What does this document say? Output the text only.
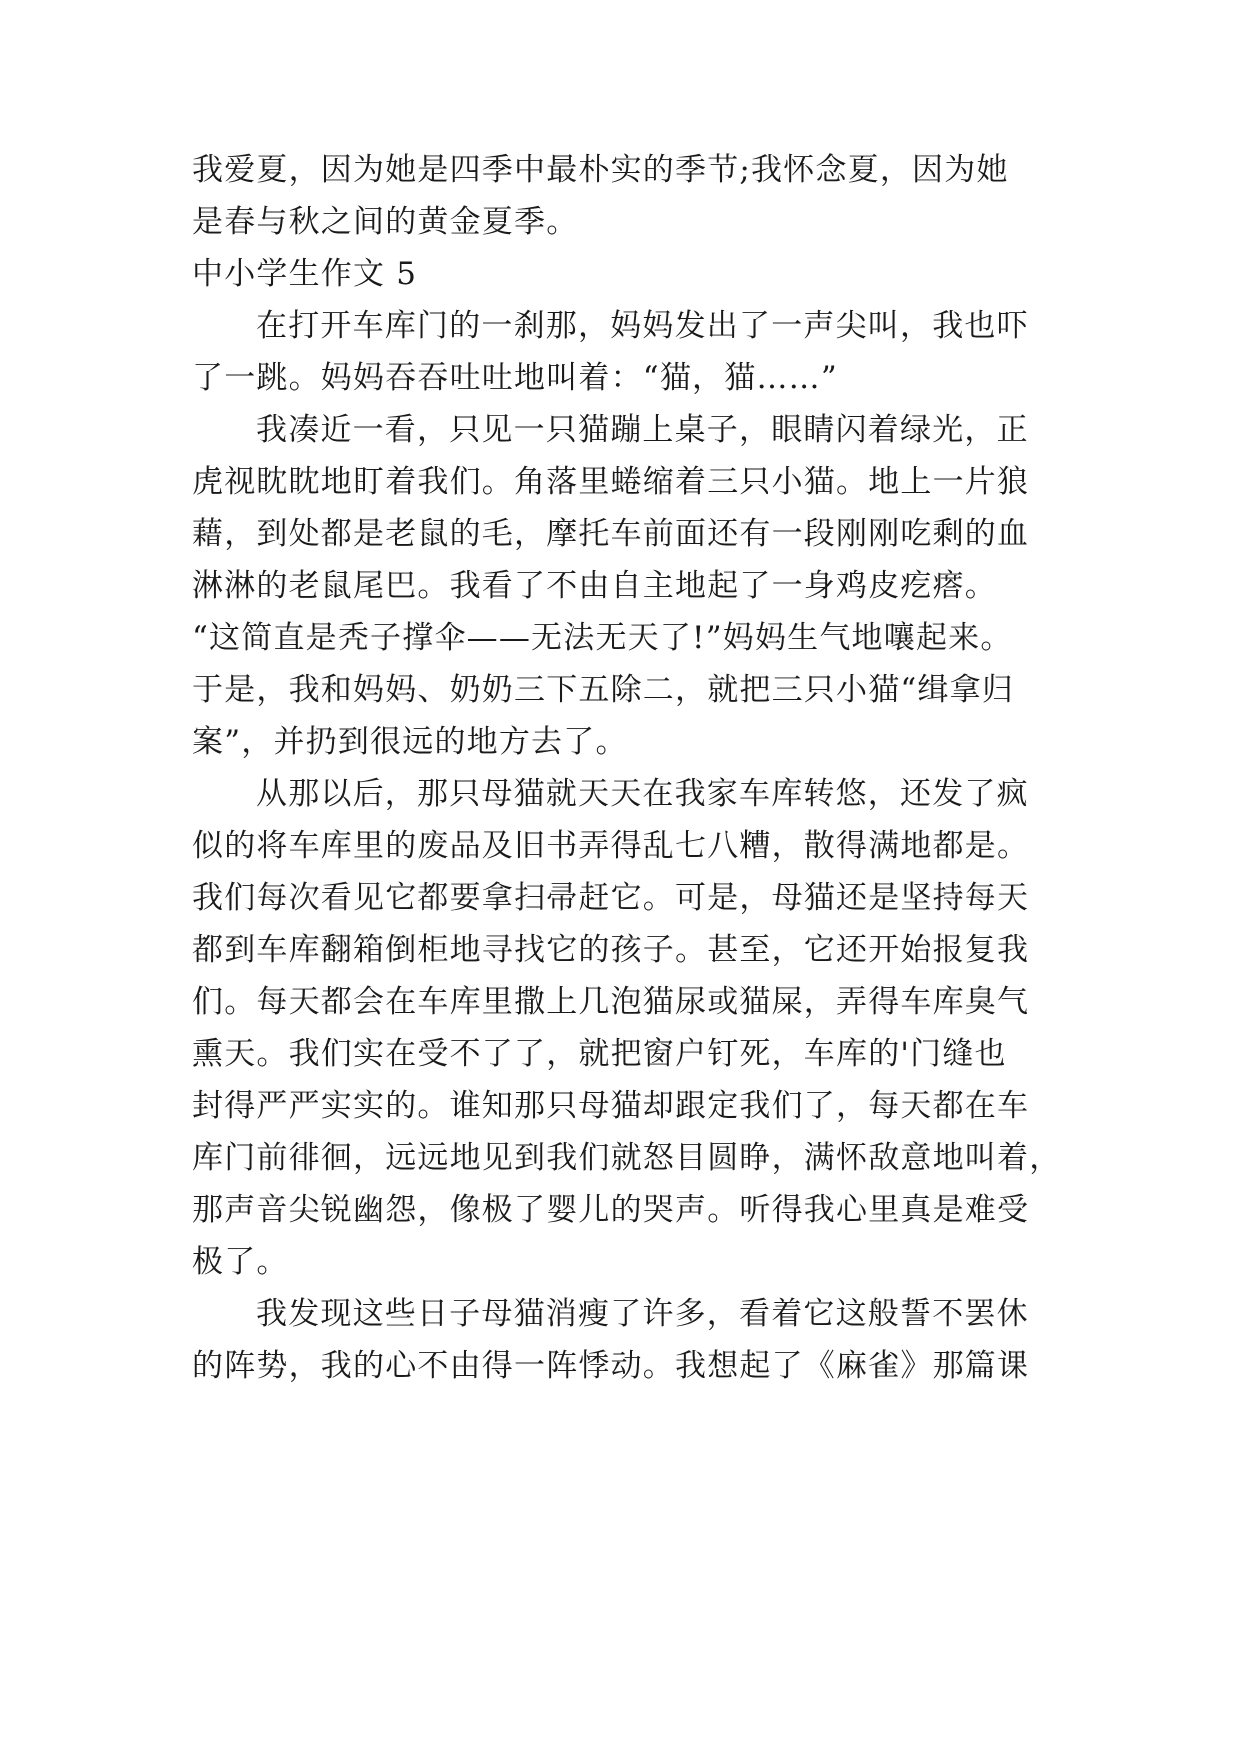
我爱夏，因为她是四季中最朴实的季节;我怀念夏，因为她
是春与秋之间的黄金夏季。
中小学生作文 5
在打开车库门的一刹那，妈妈发出了一声尖叫，我也吓
了一跳。妈妈吞吞吐吐地叫着：“猫，猫……”
我凑近一看，只见一只猫蹦上桌子，眼睛闪着绿光，正
虎视眈眈地盯着我们。角落里蜷缩着三只小猫。地上一片狼
藉，到处都是老鼠的毛，摩托车前面还有一段刚刚吃剩的血
淋淋的老鼠尾巴。我看了不由自主地起了一身鸡皮疙瘩。
“这简直是秃子撑伞——无法无天了!”妈妈生气地嚷起来。
于是，我和妈妈、奶奶三下五除二，就把三只小猫“缉拿归
案”，并扔到很远的地方去了。
从那以后，那只母猫就天天在我家车库转悠，还发了疯
似的将车库里的废品及旧书弄得乱七八糟，散得满地都是。
我们每次看见它都要拿扫帚赶它。可是，母猫还是坚持每天
都到车库翻箱倒柜地寻找它的孩子。甚至，它还开始报复我
们。每天都会在车库里撒上几泡猫尿或猫屎，弄得车库臭气
熏天。我们实在受不了了，就把窗户钉死，车库的'门缝也
封得严严实实的。谁知那只母猫却跟定我们了，每天都在车
库门前徘徊，远远地见到我们就怒目圆睁，满怀敌意地叫着，
那声音尖锐幽怨，像极了婴儿的哭声。听得我心里真是难受
极了。
我发现这些日子母猫消瘦了许多，看着它这般誓不罢休
的阵势，我的心不由得一阵悸动。我想起了《麻雀》那篇课
